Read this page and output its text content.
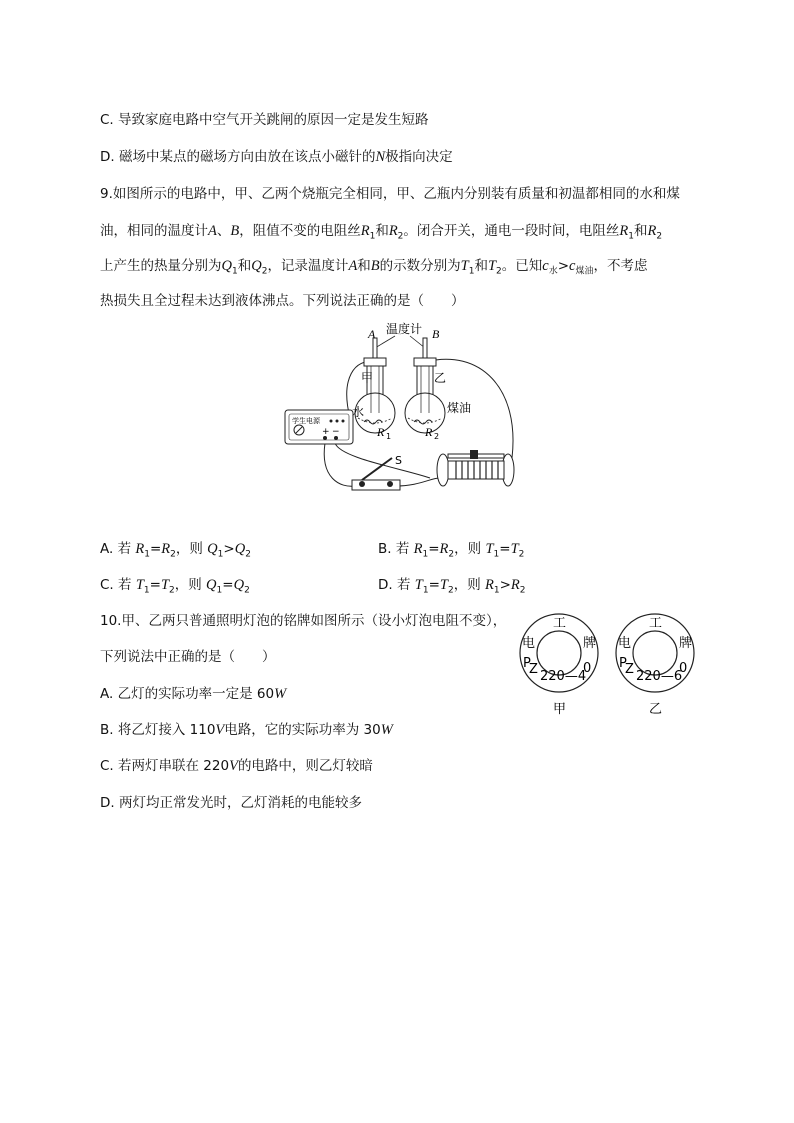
C. 导致家庭电路中空气开关跳闸的原因一定是发生短路
D. 磁场中某点的磁场方向由放在该点小磁针的N极指向决定
9.如图所示的电路中，甲、乙两个烧瓶完全相同，甲、乙瓶内分别装有质量和初温都相同的水和煤
油，相同的温度计A、B，阻值不变的电阻丝$R_1$和$R_2$。闭合开关，通电一段时间，电阻丝$R_1$和$R_2$
上产生的热量分别为$Q_1$和$Q_2$，记录温度计A和B的示数分别为$T_1$和$T_2$。已知$c_水>c_{煤油}$，不考虑
热损失且全过程未达到液体沸点。下列说法正确的是（　　）
学生电源
+ −
A 温度计 B
甲	乙
水	煤油
R 1	R 2
S
A. 若 $R_1=R_2$，则 $Q_1>Q_2$	B. 若 $R_1=R_2$，则 $T_1=T_2$
C. 若 $T_1=T_2$，则 $Q_1=Q_2$	D. 若 $T_1=T_2$，则 $R_1>R_2$
10.甲、乙两只普通照明灯泡的铭牌如图所示（设小灯泡电阻不变），
下列说法中正确的是（　　）
A. 乙灯的实际功率一定是 60W
B. 将乙灯接入 110V电路，它的实际功率为 30W
C. 若两灯串联在 220V的电路中，则乙灯较暗
D. 两灯均正常发光时，乙灯消耗的电能较多
工
电	牌
P
Z 220—4
0
甲
工
电	牌
P
Z 220—6
0
乙
